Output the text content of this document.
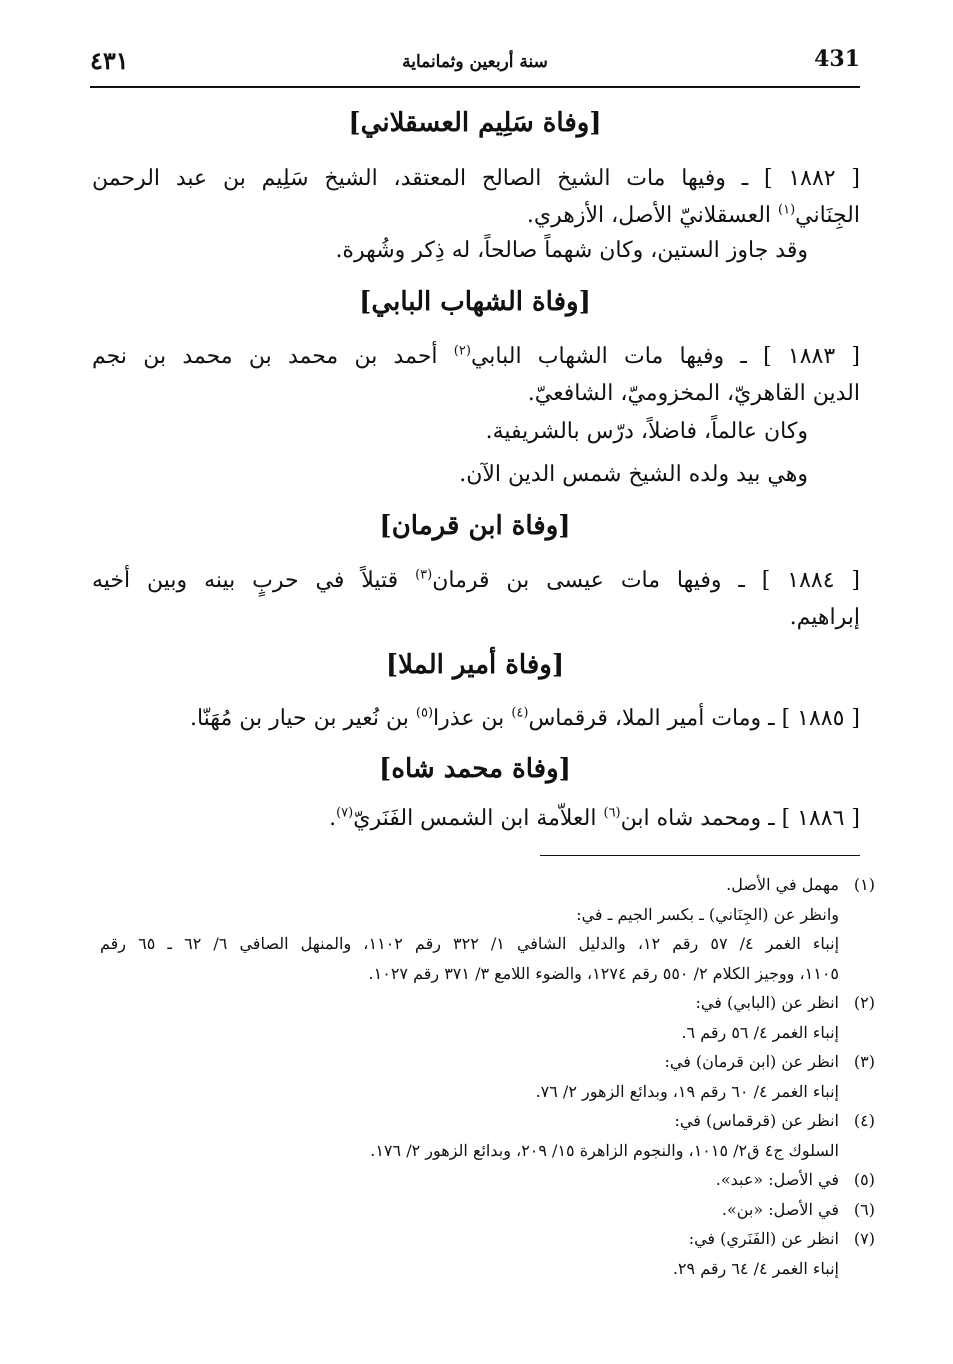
٤٣١	سنة أربعين وثمانماية	431
[وفاة سَلِيم العسقلاني]
[ ١٨٨٢ ] ـ وفيها مات الشيخ الصالح المعتقد، الشيخ سَلِيم بن عبد الرحمن
الجِنَاني$^{(١)}$ العسقلانيّ الأصل، الأزهري.
وقد جاوز الستين، وكان شهماً صالحاً، له ذِكر وشُهرة.
[وفاة الشهاب البابي]
[ ١٨٨٣ ] ـ وفيها مات الشهاب البابي$^{(٢)}$ أحمد بن محمد بن محمد بن نجم
الدين القاهريّ، المخزوميّ، الشافعيّ.
وكان عالماً، فاضلاً، درّس بالشريفية.
وهي بيد ولده الشيخ شمس الدين الآن.
[وفاة ابن قرمان]
[ ١٨٨٤ ] ـ وفيها مات عيسى بن قرمان$^{(٣)}$ قتيلاً في حربٍ بينه وبين أخيه
إبراهيم.
[وفاة أمير الملا]
[ ١٨٨٥ ] ـ ومات أمير الملا، قرقماس$^{(٤)}$ بن عذرا$^{(٥)}$ بن نُعير بن حيار بن مُهَنّا.
[وفاة محمد شاه]
[ ١٨٨٦ ] ـ ومحمد شاه ابن$^{(٦)}$ العلاّمة ابن الشمس الفَنَريّ$^{(٧)}$.
(١)
مهمل في الأصل.
وانظر عن (الجِنَاني) ـ بكسر الجيم ـ في:
إنباء الغمر ٤/ ٥٧ رقم ١٢، والدليل الشافي ١/ ٣٢٢ رقم ١١٠٢، والمنهل الصافي ٦/ ٦٢ ـ ٦٥ رقم
١١٠٥، ووجيز الكلام ٢/ ٥٥٠ رقم ١٢٧٤، والضوء اللامع ٣/ ٣٧١ رقم ١٠٢٧.
(٢)
انظر عن (البابي) في:
إنباء الغمر ٤/ ٥٦ رقم ٦.
(٣)
انظر عن (ابن قرمان) في:
إنباء الغمر ٤/ ٦٠ رقم ١٩، وبدائع الزهور ٢/ ٧٦.
(٤)
انظر عن (قرقماس) في:
السلوك ج٤ ق٢/ ١٠١٥، والنجوم الزاهرة ١٥/ ٢٠٩، وبدائع الزهور ٢/ ١٧٦.
(٥)
في الأصل: «عبد».
(٦)
في الأصل: «بن».
(٧)
انظر عن (الفَنَري) في:
إنباء الغمر ٤/ ٦٤ رقم ٢٩.
